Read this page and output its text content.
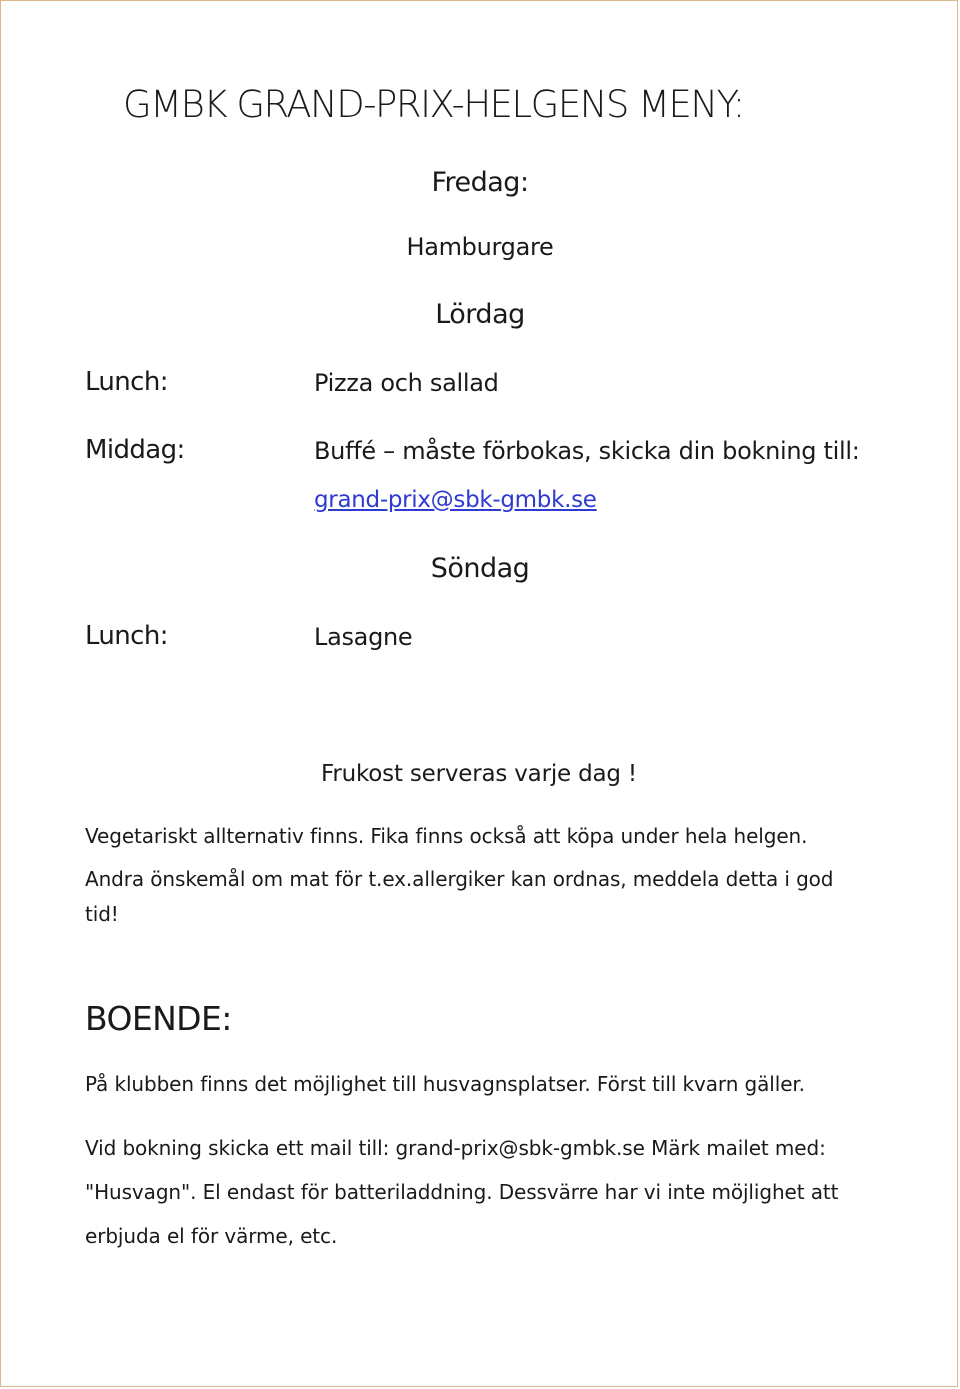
GMBK GRAND-PRIX-HELGENS MENY:
Fredag:
Hamburgare
Lördag
Lunch:	Pizza och sallad
Middag:	Buffé – måste förbokas, skicka din bokning till:
grand-prix@sbk-gmbk.se
Söndag
Lunch:	Lasagne
Frukost serveras varje dag !
Vegetariskt allternativ finns. Fika finns också att köpa under hela helgen.
Andra önskemål om mat för t.ex.allergiker kan ordnas, meddela detta i god
tid!
BOENDE:
På klubben finns det möjlighet till husvagnsplatser. Först till kvarn gäller.
Vid bokning skicka ett mail till: grand-prix@sbk-gmbk.se Märk mailet med:
"Husvagn". El endast för batteriladdning. Dessvärre har vi inte möjlighet att
erbjuda el för värme, etc.
